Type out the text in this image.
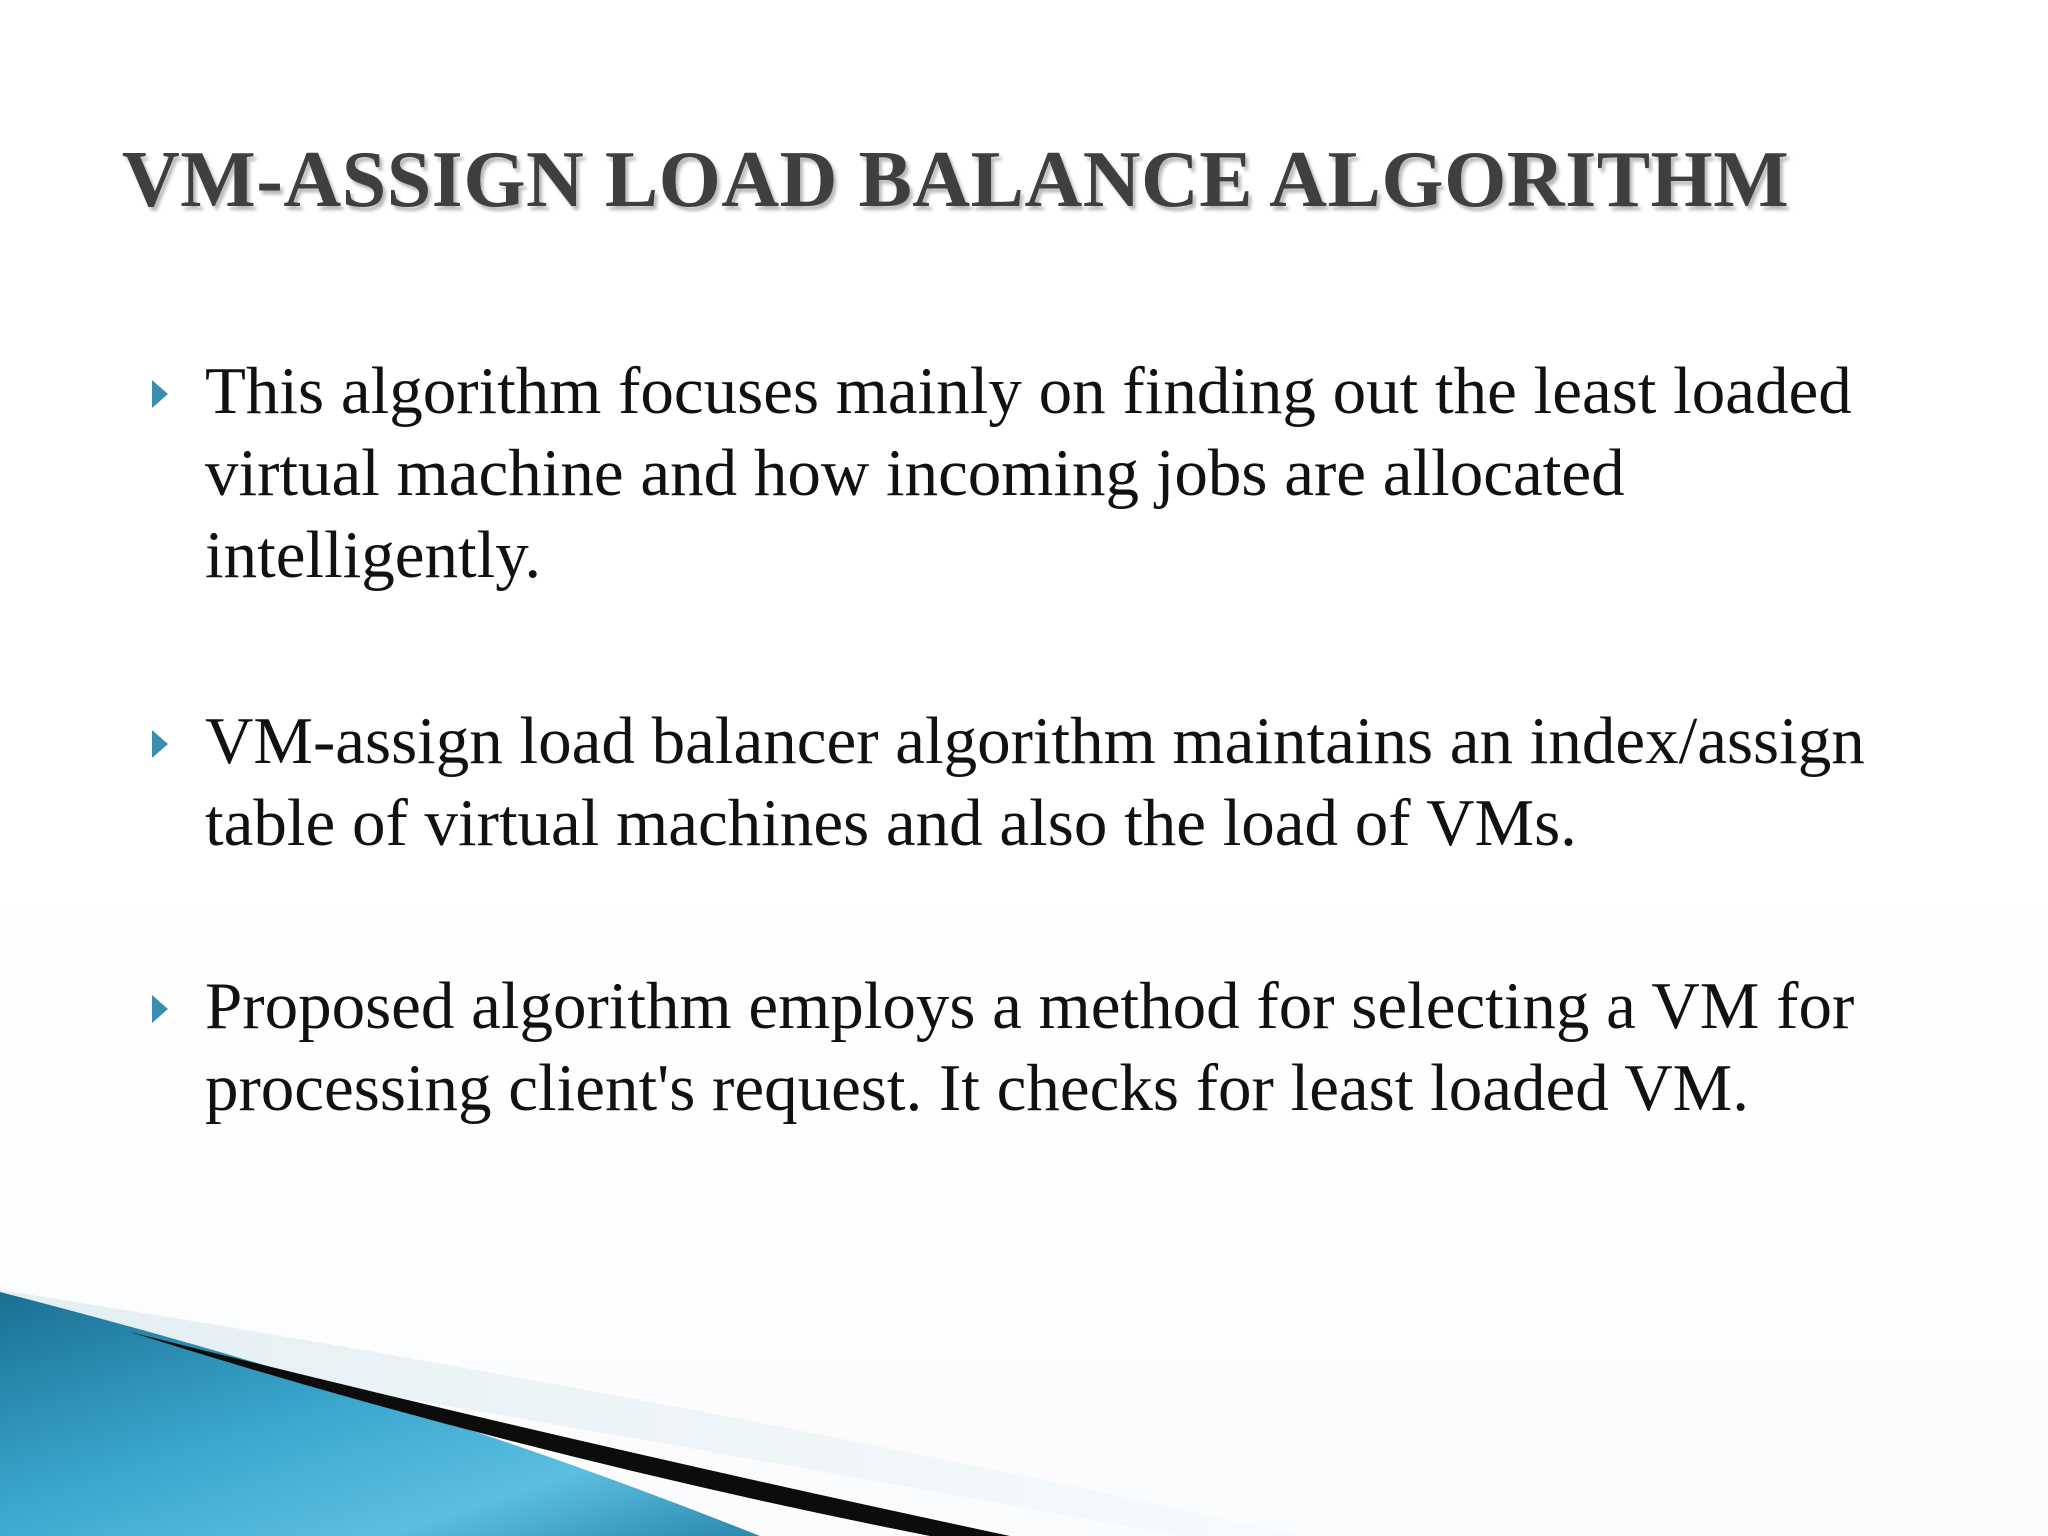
VM-ASSIGN LOAD BALANCE ALGORITHM

This algorithm focuses mainly on finding out the least loaded virtual machine and how incoming jobs are allocated intelligently.

VM-assign load balancer algorithm maintains an index/assign table of virtual machines and also the load of VMs.

Proposed algorithm employs a method for selecting a VM for processing client's request. It checks for least loaded VM.
